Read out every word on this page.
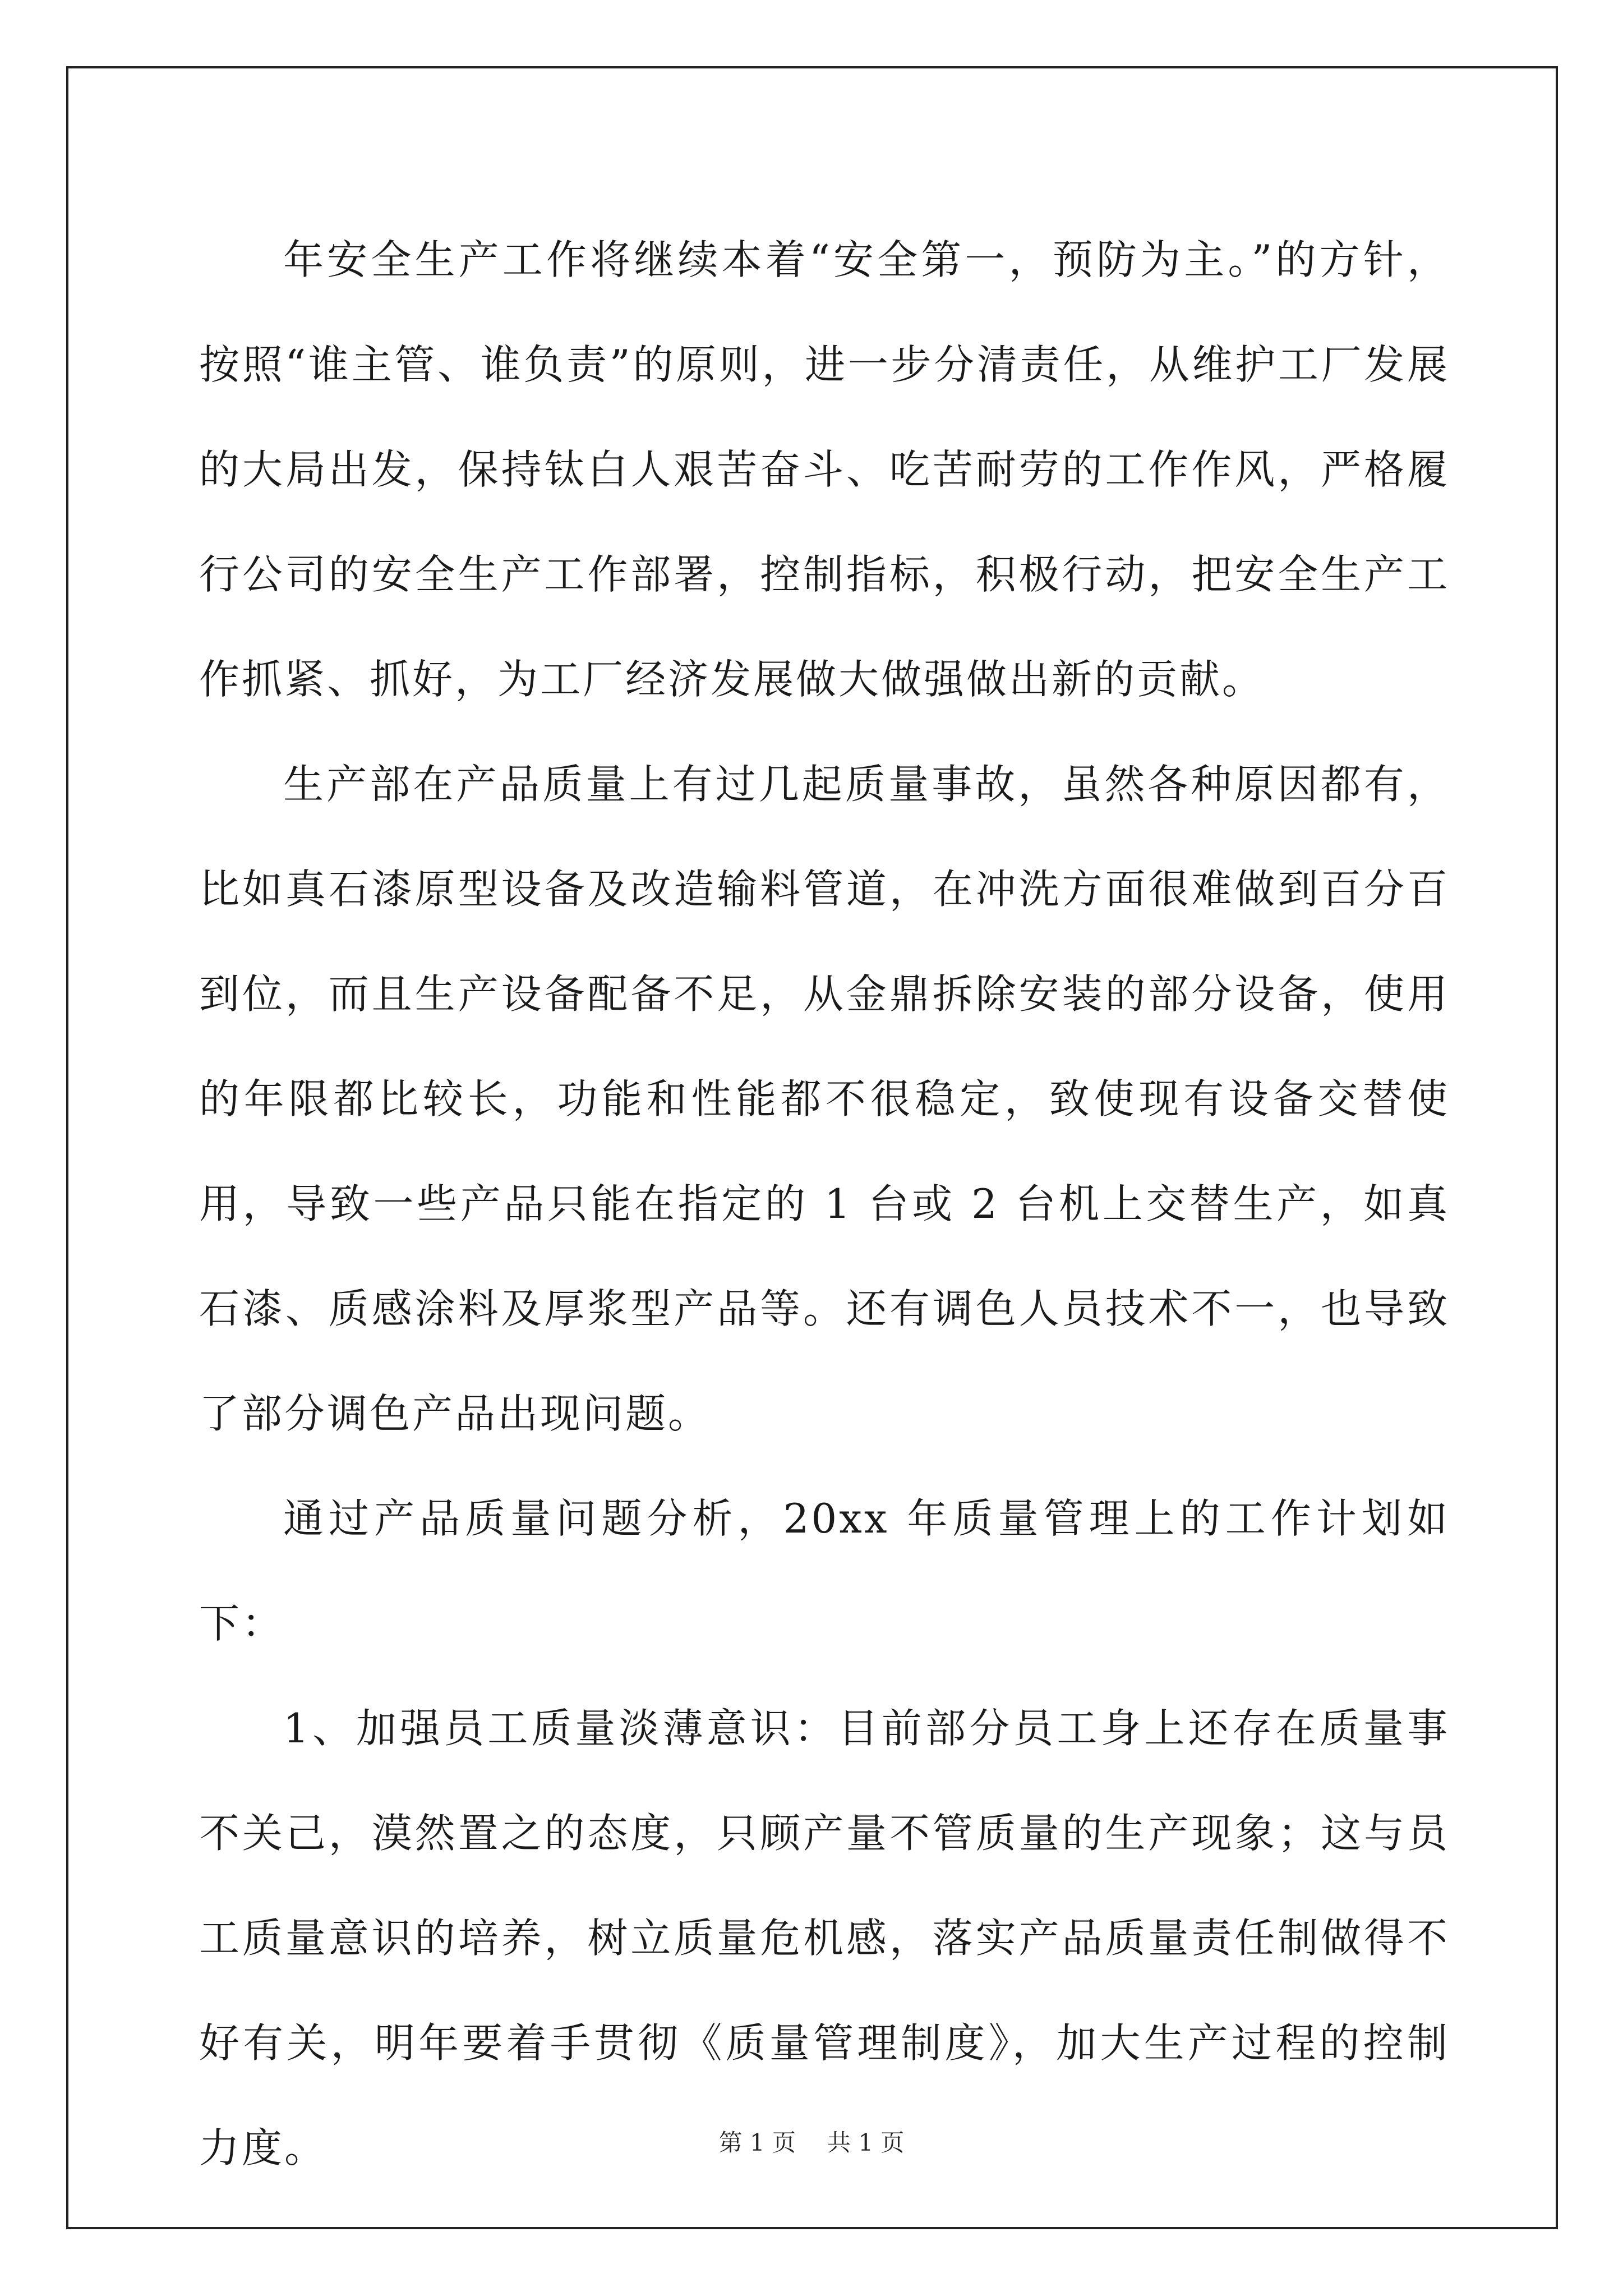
年安全生产工作将继续本着“安全第一，预防为主。”的方针，按照“谁主管、谁负责”的原则，进一步分清责任，从维护工厂发展的大局出发，保持钛白人艰苦奋斗、吃苦耐劳的工作作风，严格履行公司的安全生产工作部署，控制指标，积极行动，把安全生产工作抓紧、抓好，为工厂经济发展做大做强做出新的贡献。

生产部在产品质量上有过几起质量事故，虽然各种原因都有，比如真石漆原型设备及改造输料管道，在冲洗方面很难做到百分百到位，而且生产设备配备不足，从金鼎拆除安装的部分设备，使用的年限都比较长，功能和性能都不很稳定，致使现有设备交替使用，导致一些产品只能在指定的 1 台或 2 台机上交替生产，如真石漆、质感涂料及厚浆型产品等。还有调色人员技术不一，也导致了部分调色产品出现问题。

通过产品质量问题分析，20xx 年质量管理上的工作计划如下：

1、加强员工质量淡薄意识：目前部分员工身上还存在质量事不关己，漠然置之的态度，只顾产量不管质量的生产现象；这与员工质量意识的培养，树立质量危机感，落实产品质量责任制做得不好有关，明年要着手贯彻《质量管理制度》，加大生产过程的控制力度。	第 1 页 共 1 页
